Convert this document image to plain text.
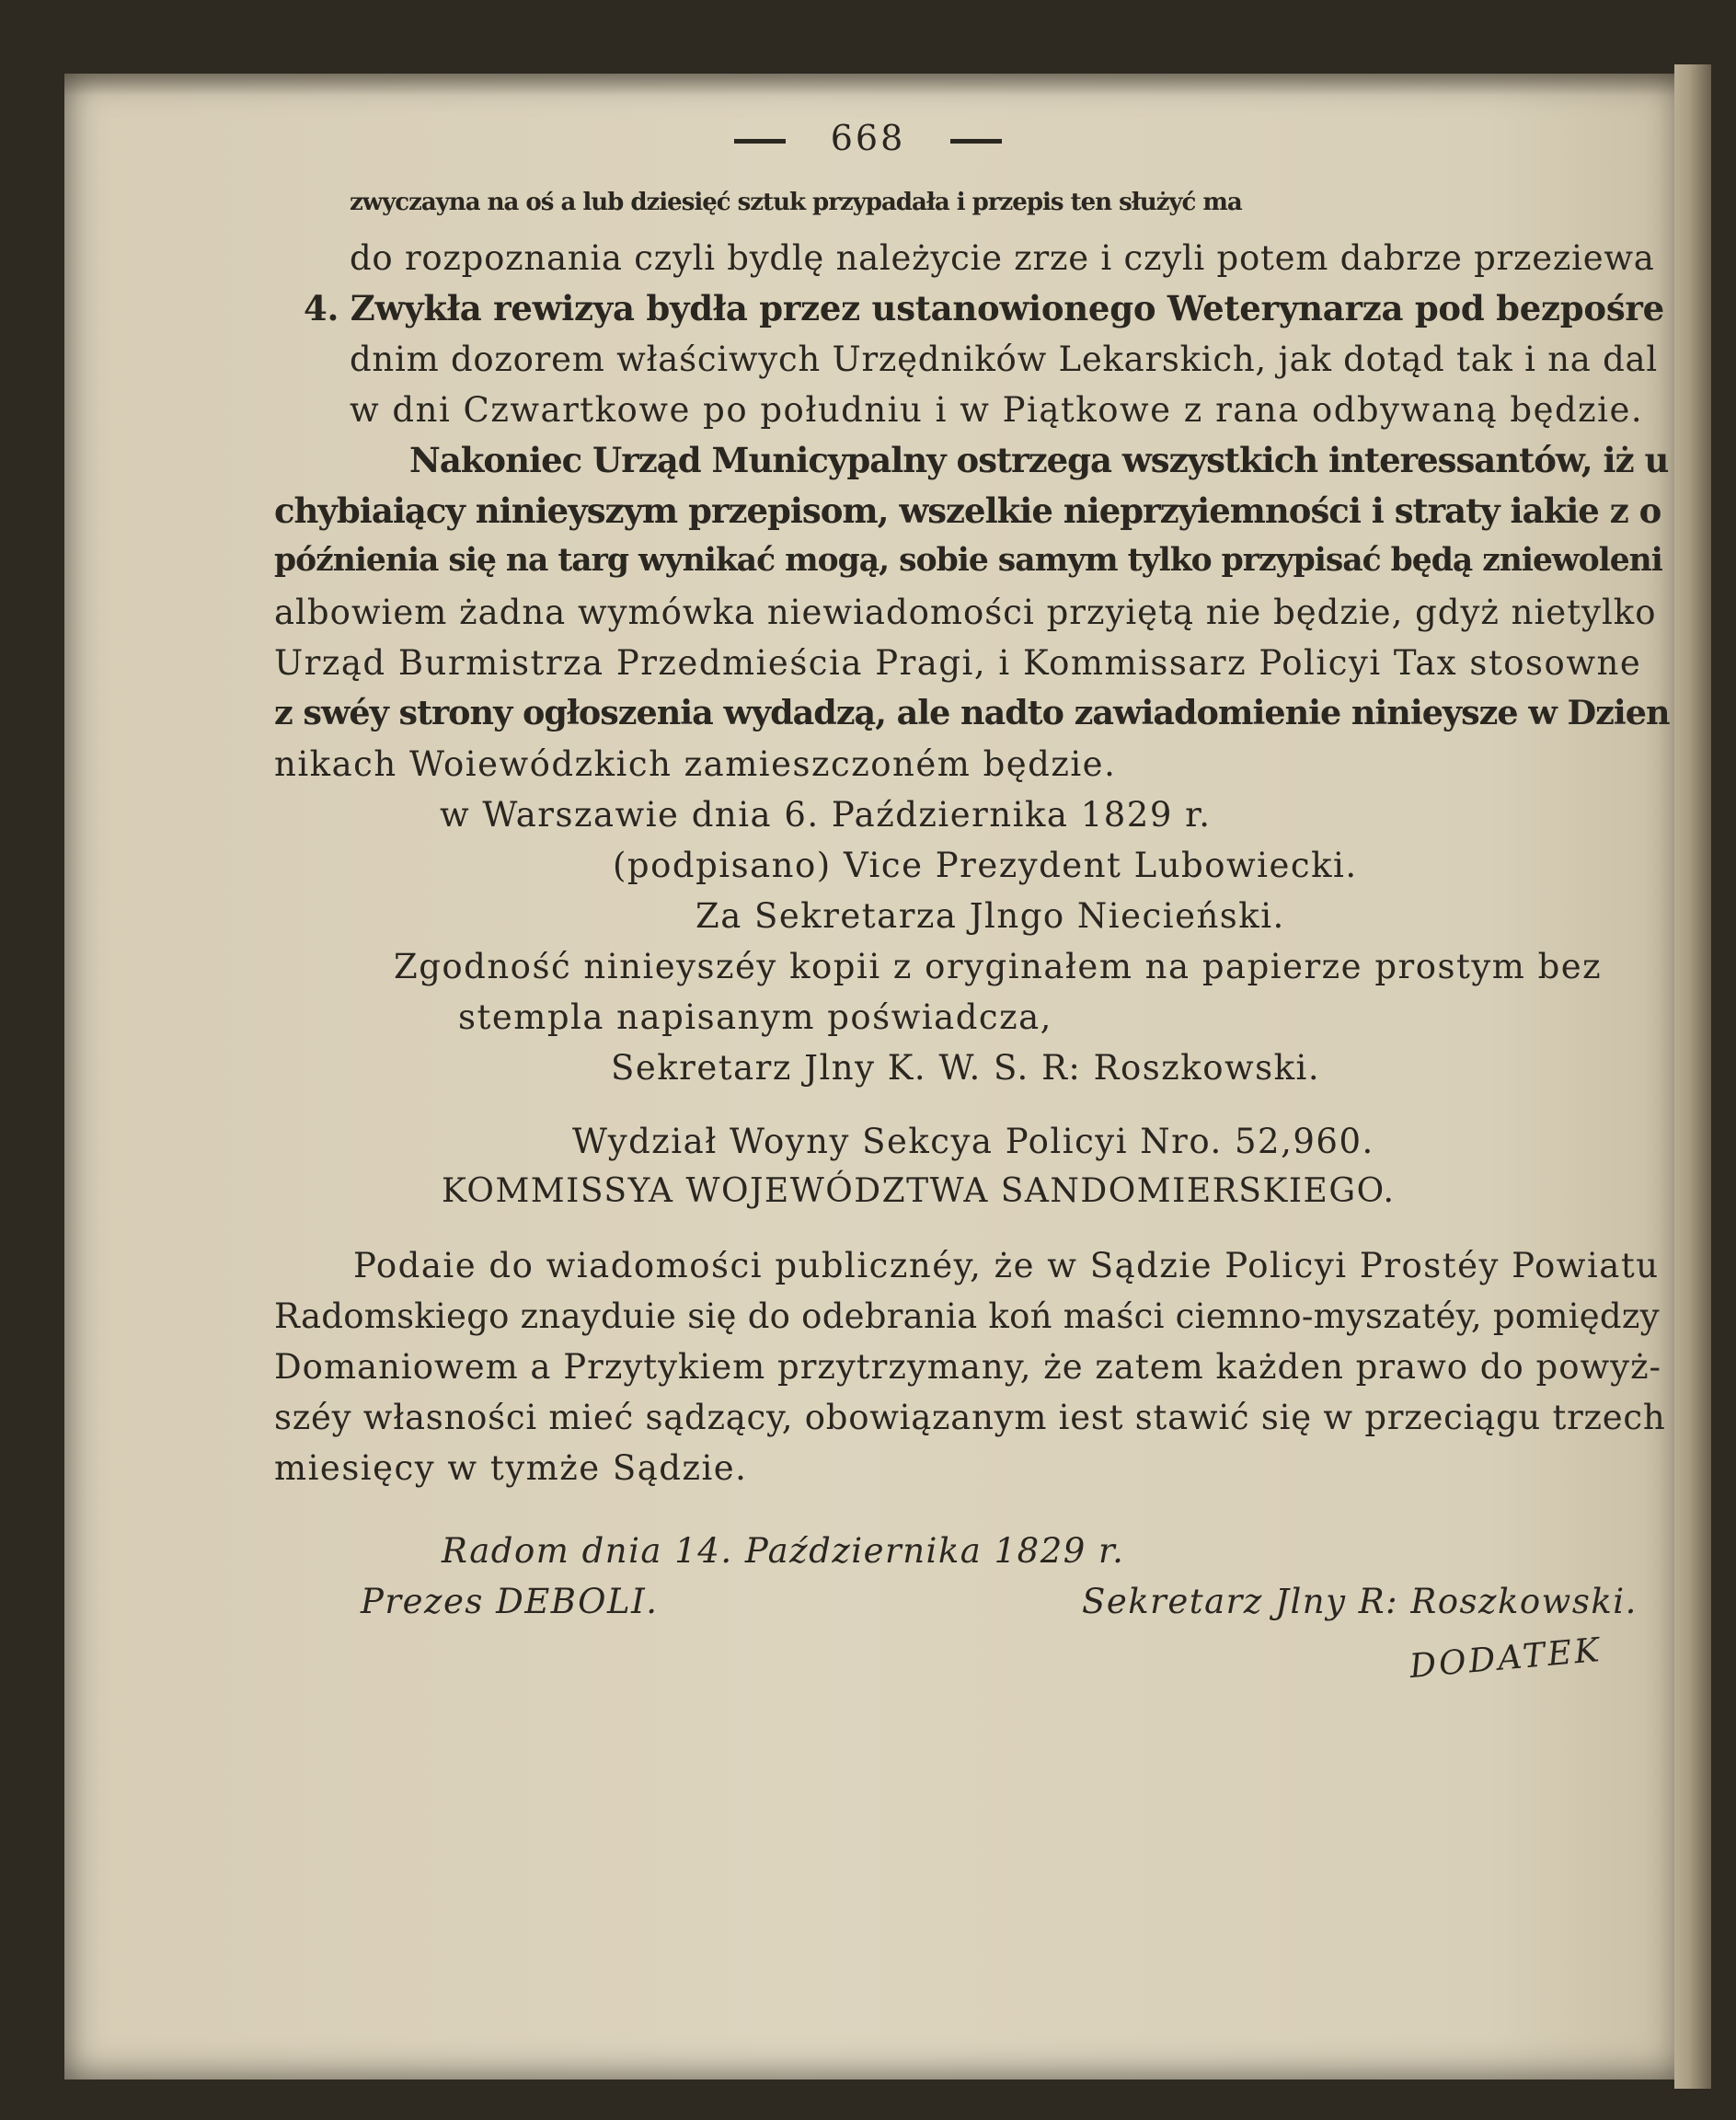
668
zwyczayna na oś a lub dziesięć sztuk przypadała i przepis ten służyć ma
do rozpoznania czyli bydlę należycie zrze i czyli potem dabrze przeziewa
4. Zwykła rewizya bydła przez ustanowionego Weterynarza pod bezpośre
dnim dozorem właściwych Urzędników Lekarskich, jak dotąd tak i na dal
w dni Czwartkowe po południu i w Piątkowe z rana odbywaną będzie.
Nakoniec Urząd Municypalny ostrzega wszystkich interessantów, iż u
chybiaiący ninieyszym przepisom, wszelkie nieprzyiemności i straty iakie z o
późnienia się na targ wynikać mogą, sobie samym tylko przypisać będą zniewoleni
albowiem żadna wymówka niewiadomości przyiętą nie będzie, gdyż nietylko
Urząd Burmistrza Przedmieścia Pragi, i Kommissarz Policyi Tax stosowne
z swéy strony ogłoszenia wydadzą, ale nadto zawiadomienie ninieysze w Dzien
nikach Woiewódzkich zamieszczoném będzie.
w Warszawie dnia 6. Października 1829 r.
(podpisano) Vice Prezydent Lubowiecki.
Za Sekretarza Jlngo Niecieński.
Zgodność ninieyszéy kopii z oryginałem na papierze prostym bez
stempla napisanym poświadcza,
Sekretarz Jlny K. W. S. R: Roszkowski.
Wydział Woyny Sekcya Policyi Nro. 52,960.
KOMMISSYA WOJEWÓDZTWA SANDOMIERSKIEGO.
Podaie do wiadomości publicznéy, że w Sądzie Policyi Prostéy Powiatu
Radomskiego znayduie się do odebrania koń maści ciemno-myszatéy, pomiędzy
Domaniowem a Przytykiem przytrzymany, że zatem każden prawo do powyż-
széy własności mieć sądzący, obowiązanym iest stawić się w przeciągu trzech
miesięcy w tymże Sądzie.
Radom dnia 14. Października 1829 r.
Prezes DEBOLI.	Sekretarz Jlny R: Roszkowski.
DODATEK
